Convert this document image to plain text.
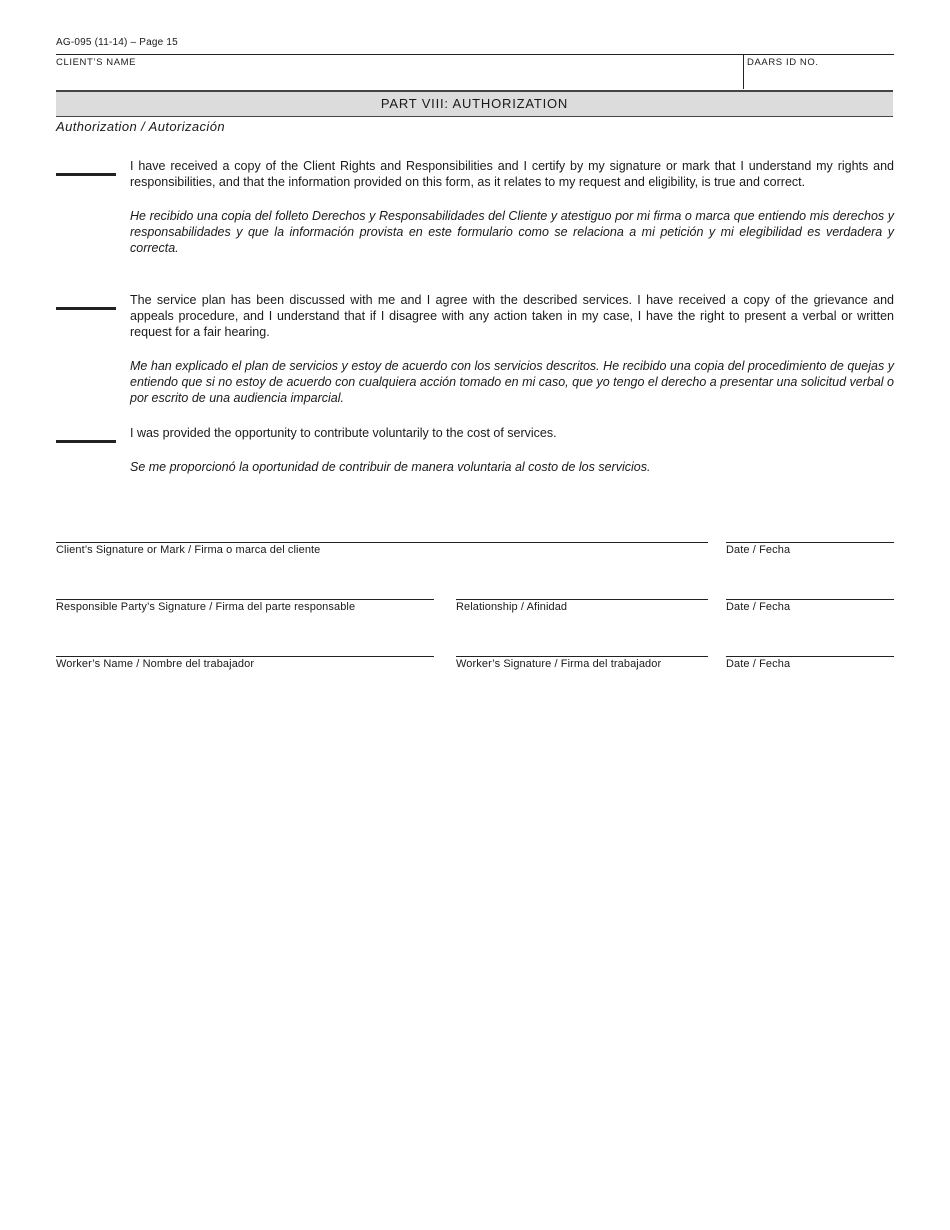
AG-095 (11-14) – Page 15
CLIENT’S NAME	DAARS ID NO.
PART VIII: AUTHORIZATION
Authorization / Autorización
I have received a copy of the Client Rights and Responsibilities and I certify by my signature or mark that I understand my rights and responsibilities, and that the information provided on this form, as it relates to my request and eligibility, is true and correct.
He recibido una copia del folleto Derechos y Responsabilidades del Cliente y atestiguo por mi firma o marca que entiendo mis derechos y responsabilidades y que la información provista en este formulario como se relaciona a mi petición y mi elegibilidad es verdadera y correcta.
The service plan has been discussed with me and I agree with the described services. I have received a copy of the grievance and appeals procedure, and I understand that if I disagree with any action taken in my case, I have the right to present a verbal or written request for a fair hearing.
Me han explicado el plan de servicios y estoy de acuerdo con los servicios descritos. He recibido una copia del procedimiento de quejas y entiendo que si no estoy de acuerdo con cualquiera acción tomado en mi caso, que yo tengo el derecho a presentar una solicitud verbal o por escrito de una audiencia imparcial.
I was provided the opportunity to contribute voluntarily to the cost of services.
Se me proporcionó la oportunidad de contribuir de manera voluntaria al costo de los servicios.
Client’s Signature or Mark / Firma o marca del cliente	Date / Fecha
Responsible Party’s Signature / Firma del parte responsable	Relationship / Afinidad	Date / Fecha
Worker’s Name / Nombre del trabajador	Worker’s Signature / Firma del trabajador	Date / Fecha
